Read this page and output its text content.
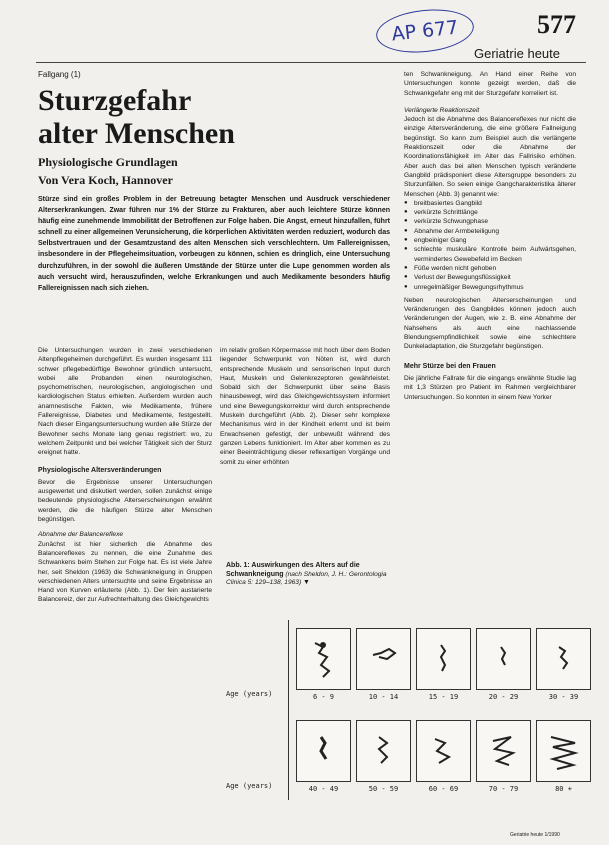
AP 677	577
Geriatrie heute
Fallgang (1)
Sturzgefahr
alter Menschen
Physiologische Grundlagen
Von Vera Koch, Hannover
Stürze sind ein großes Problem in der Betreuung betagter Menschen und Ausdruck verschiedener Alterserkrankungen. Zwar führen nur 1% der Stürze zu Frakturen, aber auch leichtere Stürze können häufig eine zunehmende Immobilität der Betroffenen zur Folge haben. Die Angst, erneut hinzufallen, führt schnell zu einer allgemeinen Verunsicherung, die körperlichen Aktivitäten werden reduziert, wodurch das Selbstvertrauen und der Gesamtzustand des alten Menschen sich verschlechtern. Um Fallereignissen, insbesondere in der Pflegeheimsituation, vorbeugen zu können, schien es dringlich, eine Untersuchung durchzuführen, in der sowohl die äußeren Umstände der Stürze unter die Lupe genommen worden als auch versucht wird, herauszufinden, welche Erkrankungen und auch Medikamente besonders häufig Fallereignissen nach sich ziehen.

Die Untersuchungen wurden in zwei verschiedenen Altenpflegeheimen durchgeführt. Es wurden insgesamt 111 schwer pflegebedürftige Bewohner gründlich untersucht, wobei alle Probanden einen neurologischen, psychometrischen, neurologischen, angiologischen und kardiologischen Status erhielten. Außerdem wurden auch anamnestische Fakten, wie Medikamente, frühere Fallereignisse, Diabetes und Medikamente, festgestellt. Nach dieser Eingangsuntersuchung wurden alle Stürze der Bewohner sechs Monate lang genau registriert: wo, zu welchem Zeitpunkt und bei welcher Tätigkeit sich der Sturz ereignet hatte.

Physiologische Altersveränderungen

Bevor die Ergebnisse unserer Untersuchungen ausgewertet und diskutiert werden, sollen zunächst einige bedeutende physiologische Alterserscheinungen erwähnt werden, die die häufigen Stürze alter Menschen begünstigen.

Abnahme der Balancereflexe

Zunächst ist hier sicherlich die Abnahme des Balancereflexes zu nennen, die eine Zunahme des Schwankens beim Stehen zur Folge hat. Es ist viele Jahre her, seit Sheldon (1963) die Schwankneigung in Gruppen verschiedenen Alters untersuchte und seine Ergebnisse an Hand von Kurven erläuterte (Abb. 1). Der fein austarierte Balancereiz, der zur Aufrechterhaltung des Gleichgewichts

im relativ großen Körpermasse mit hoch über dem Boden liegender Schwerpunkt von Nöten ist, wird durch entsprechende Muskeln und sensorischen Input durch Haut, Muskeln und Gelenkrezeptoren gewährleistet. Sobald sich der Schwerpunkt über seine Basis hinausbewegt, wird das Gleichgewichtssystem informiert und eine Bewegungskorrektur wird durch entsprechende Muskeln durchgeführt (Abb. 2). Dieser sehr komplexe Mechanismus wird in der Kindheit erlernt und ist beim Erwachsenen gefestigt, der unbewußt während des ganzen Lebens funktioniert. Im Alter aber kommen es zu einer Beeinträchtigung dieser reflexartigen Vorgänge und somit zu einer erhöhten

Abb. 1: Auswirkungen des Alters auf die Schwankneigung (nach Sheldon, J. H.: Gerontologia Clinica 5: 129–138, 1963) ▼

ten Schwankneigung. An Hand einer Reihe von Untersuchungen konnte gezeigt werden, daß die Schwankgefahr eng mit der Sturzgefahr korreliert ist.

Verlängerte Reaktionszeit

Jedoch ist die Abnahme des Balancereflexes nur nicht die einzige Altersveränderung, die eine größere Fallneigung begünstigt. So kann zum Beispiel auch die verlängerte Reaktionszeit oder die Abnahme der Koordinationsfähigkeit im Alter das Fallrisiko erhöhen. Aber auch das bei alten Menschen typisch veränderte Gangbild prädisponiert diese Altersgruppe besonders zu Sturzunfällen. So seien einige Gangcharakteristika älterer Menschen (Abb. 3) genannt wie:

● breitbasiertes Gangbild
● verkürzte Schrittlänge
● verkürzte Schwungphase
● Abnahme der Armbeteiligung
● engbeiniger Gang
● schlechte muskuläre Kontrolle beim Aufwärtsgehen, vermindertes Gewebefeld im Becken
● Füße werden nicht gehoben
● Verlust der Bewegungsflüssigkeit
● unregelmäßiger Bewegungsrhythmus

Neben neurologischen Alterserscheinungen und Veränderungen des Gangbildes können jedoch auch Veränderungen der Augen, wie z. B. eine Abnahme der Nahsehens als auch eine nachlassende Blendungsempfindlichkeit sowie eine schlechtere Dunkeladaptation, die Sturzgefahr begünstigen.

Mehr Stürze bei den Frauen

Die jährliche Fallrate für die eingangs erwähnte Studie lag mit 1,3 Stürzen pro Patient im Rahmen vergleichbarer Untersuchungen. So konnten in einem New Yorker

Age (years)
Age (years)
6 - 9	10 - 14	15 - 19	20 - 29	30 - 39
40 - 49	50 - 59	60 - 69	70 - 79	80 +
Geriatrie heute 1/1990
